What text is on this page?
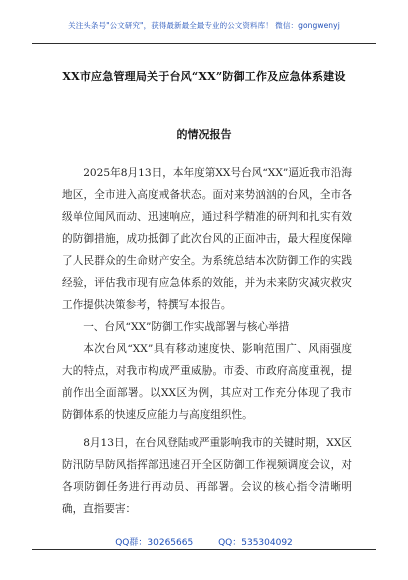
关注头条号"公文研究"，获得最新最全最专业的公文资料库！ 微信：gongwenyj
XX市应急管理局关于台风“XX”防御工作及应急体系建设
的情况报告

2025年8月13日，本年度第XX号台风“XX”逼近我市沿海地区，全市进入高度戒备状态。面对来势汹汹的台风，全市各级单位闻风而动、迅速响应，通过科学精准的研判和扎实有效的防御措施，成功抵御了此次台风的正面冲击，最大程度保障了人民群众的生命财产安全。为系统总结本次防御工作的实践经验，评估我市现有应急体系的效能，并为未来防灾减灾救灾工作提供决策参考，特撰写本报告。

一、台风“XX”防御工作实战部署与核心举措

本次台风“XX”具有移动速度快、影响范围广、风雨强度大的特点，对我市构成严重威胁。市委、市政府高度重视，提前作出全面部署。以XX区为例，其应对工作充分体现了我市防御体系的快速反应能力与高度组织性。

8月13日，在台风登陆或严重影响我市的关键时期，XX区防汛防旱防风指挥部迅速召开全区防御工作视频调度会议，对各项防御任务进行再动员、再部署。会议的核心指令清晰明确，直指要害：

QQ群：30265665	QQ：535304092
